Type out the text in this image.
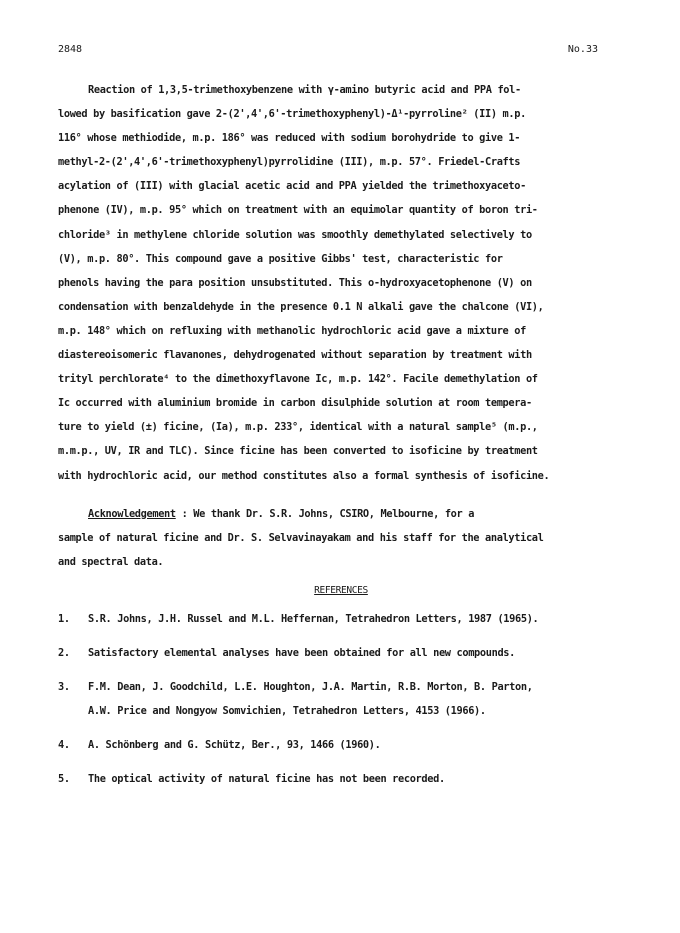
2848	No.33
Reaction of 1,3,5-trimethoxybenzene with γ-amino butyric acid and PPA fol-
lowed by basification gave 2-(2',4',6'-trimethoxyphenyl)-Δ¹-pyrroline² (II) m.p.
116° whose methiodide, m.p. 186° was reduced with sodium borohydride to give 1-
methyl-2-(2',4',6'-trimethoxyphenyl)pyrrolidine (III), m.p. 57°. Friedel-Crafts
acylation of (III) with glacial acetic acid and PPA yielded the trimethoxyaceto-
phenone (IV), m.p. 95° which on treatment with an equimolar quantity of boron tri-
chloride³ in methylene chloride solution was smoothly demethylated selectively to
(V), m.p. 80°. This compound gave a positive Gibbs' test, characteristic for
phenols having the para position unsubstituted. This o-hydroxyacetophenone (V) on
condensation with benzaldehyde in the presence 0.1 N alkali gave the chalcone (VI),
m.p. 148° which on refluxing with methanolic hydrochloric acid gave a mixture of
diastereoisomeric flavanones, dehydrogenated without separation by treatment with
trityl perchlorate⁴ to the dimethoxyflavone Ic, m.p. 142°. Facile demethylation of
Ic occurred with aluminium bromide in carbon disulphide solution at room tempera-
ture to yield (±) ficine, (Ia), m.p. 233°, identical with a natural sample⁵ (m.p.,
m.m.p., UV, IR and TLC). Since ficine has been converted to isoficine by treatment
with hydrochloric acid, our method constitutes also a formal synthesis of isoficine.
Acknowledgement : We thank Dr. S.R. Johns, CSIRO, Melbourne, for a
sample of natural ficine and Dr. S. Selvavinayakam and his staff for the analytical
and spectral data.
REFERENCES
1. S.R. Johns, J.H. Russel and M.L. Heffernan, Tetrahedron Letters, 1987 (1965).
2. Satisfactory elemental analyses have been obtained for all new compounds.
3. F.M. Dean, J. Goodchild, L.E. Houghton, J.A. Martin, R.B. Morton, B. Parton,
A.W. Price and Nongyow Somvichien, Tetrahedron Letters, 4153 (1966).
4. A. Schönberg and G. Schütz, Ber., 93, 1466 (1960).
5. The optical activity of natural ficine has not been recorded.
